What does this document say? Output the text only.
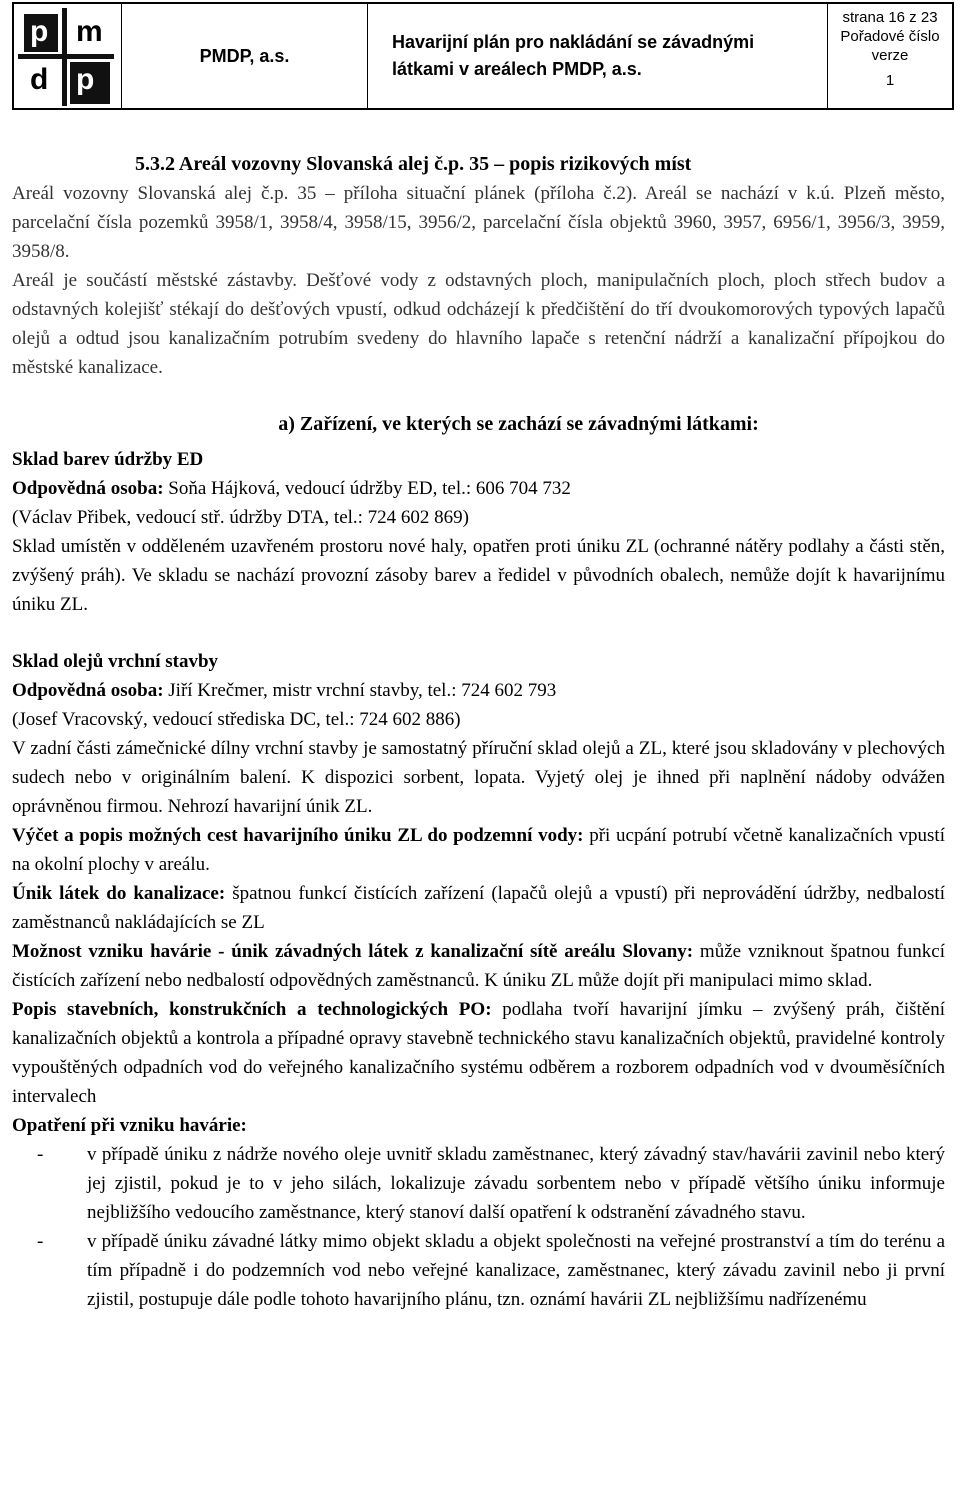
p m
d p
PMDP, a.s.
Havarijní plán pro nakládání se závadnými
látkami v areálech PMDP, a.s.
strana 16 z 23
Pořadové číslo
verze
1

5.3.2 Areál vozovny Slovanská alej č.p. 35 – popis rizikových míst

Areál vozovny Slovanská alej č.p. 35 – příloha situační plánek (příloha č.2). Areál se nachází v k.ú. Plzeň město, parcelační čísla pozemků 3958/1, 3958/4, 3958/15, 3956/2, parcelační čísla objektů 3960, 3957, 6956/1, 3956/3, 3959, 3958/8.

Areál je součástí městské zástavby. Dešťové vody z odstavných ploch, manipulačních ploch, ploch střech budov a odstavných kolejišť stékají do dešťových vpustí, odkud odcházejí k předčištění do tří dvoukomorových typových lapačů olejů a odtud jsou kanalizačním potrubím svedeny do hlavního lapače s retenční nádrží a kanalizační přípojkou do městské kanalizace.

a) Zařízení, ve kterých se zachází se závadnými látkami:

Sklad barev údržby ED

Odpovědná osoba: Soňa Hájková, vedoucí údržby ED, tel.: 606 704 732

(Václav Přibek, vedoucí stř. údržby DTA, tel.: 724 602 869)

Sklad umístěn v odděleném uzavřeném prostoru nové haly, opatřen proti úniku ZL (ochranné nátěry podlahy a části stěn, zvýšený práh). Ve skladu se nachází provozní zásoby barev a ředidel v původních obalech, nemůže dojít k havarijnímu úniku ZL.

Sklad olejů vrchní stavby

Odpovědná osoba: Jiří Krečmer, mistr vrchní stavby, tel.: 724 602 793

(Josef Vracovský, vedoucí střediska DC, tel.: 724 602 886)

V zadní části zámečnické dílny vrchní stavby je samostatný příruční sklad olejů a ZL, které jsou skladovány v plechových sudech nebo v originálním balení. K dispozici sorbent, lopata. Vyjetý olej je ihned při naplnění nádoby odvážen oprávněnou firmou. Nehrozí havarijní únik ZL.

Výčet a popis možných cest havarijního úniku ZL do podzemní vody: při ucpání potrubí včetně kanalizačních vpustí na okolní plochy v areálu.

Únik látek do kanalizace: špatnou funkcí čistících zařízení (lapačů olejů a vpustí) při neprovádění údržby, nedbalostí zaměstnanců nakládajících se ZL

Možnost vzniku havárie - únik závadných látek z kanalizační sítě areálu Slovany: může vzniknout špatnou funkcí čistících zařízení nebo nedbalostí odpovědných zaměstnanců. K úniku ZL může dojít při manipulaci mimo sklad.

Popis stavebních, konstrukčních a technologických PO: podlaha tvoří havarijní jímku – zvýšený práh, čištění kanalizačních objektů a kontrola a případné opravy stavebně technického stavu kanalizačních objektů, pravidelné kontroly vypouštěných odpadních vod do veřejného kanalizačního systému odběrem a rozborem odpadních vod v dvouměsíčních intervalech

Opatření při vzniku havárie:

- v případě úniku z nádrže nového oleje uvnitř skladu zaměstnanec, který závadný stav/havárii zavinil nebo který jej zjistil, pokud je to v jeho silách, lokalizuje závadu sorbentem nebo v případě většího úniku informuje nejbližšího vedoucího zaměstnance, který stanoví další opatření k odstranění závadného stavu.
- v případě úniku závadné látky mimo objekt skladu a objekt společnosti na veřejné prostranství a tím do terénu a tím případně i do podzemních vod nebo veřejné kanalizace, zaměstnanec, který závadu zavinil nebo ji první zjistil, postupuje dále podle tohoto havarijního plánu, tzn. oznámí havárii ZL nejbližšímu nadřízenému
